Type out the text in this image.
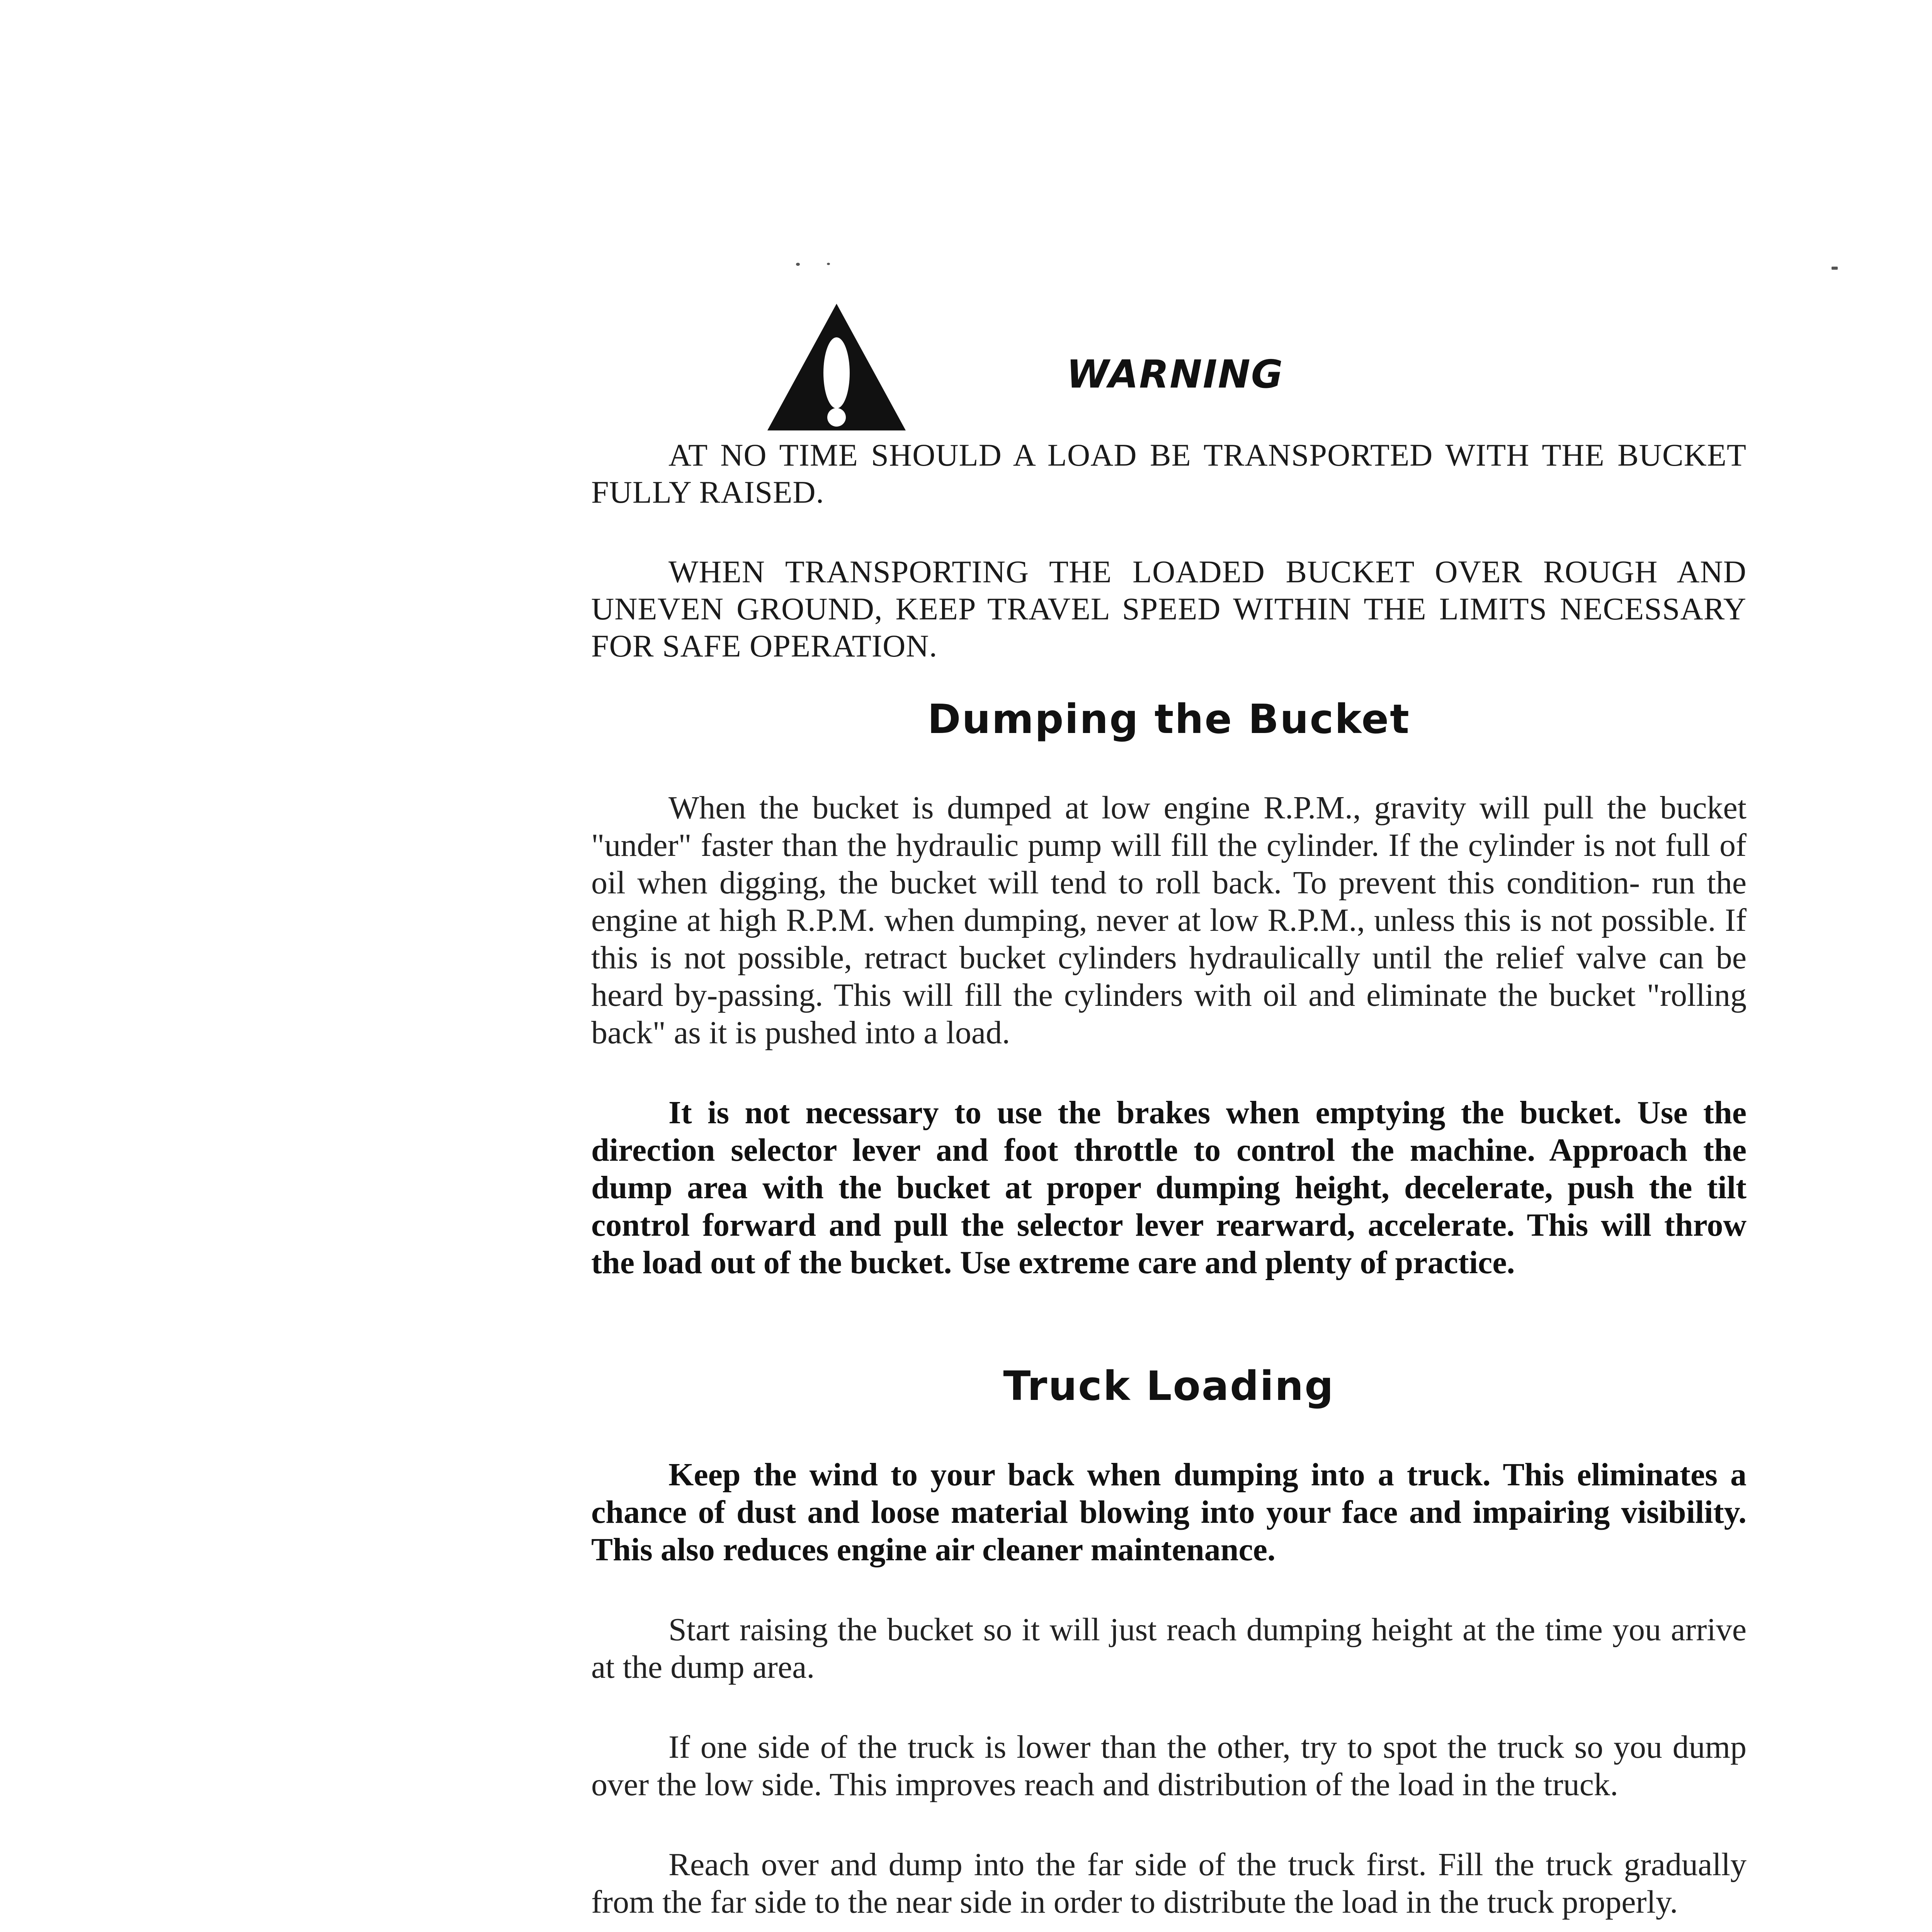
WARNING

AT NO TIME SHOULD A LOAD BE TRANSPORTED WITH THE BUCKET FULLY RAISED.

WHEN TRANSPORTING THE LOADED BUCKET OVER ROUGH AND UNEVEN GROUND, KEEP TRAVEL SPEED WITHIN THE LIMITS NECESSARY FOR SAFE OPERATION.

Dumping the Bucket

When the bucket is dumped at low engine R.P.M., gravity will pull the bucket "under" faster than the hydraulic pump will fill the cylinder. If the cylinder is not full of oil when digging, the bucket will tend to roll back. To prevent this condition- run the engine at high R.P.M. when dumping, never at low R.P.M., unless this is not possible. If this is not possible, retract bucket cylinders hydraulically until the relief valve can be heard by-passing. This will fill the cylinders with oil and eliminate the bucket "rolling back" as it is pushed into a load.

It is not necessary to use the brakes when emptying the bucket. Use the direction selector lever and foot throttle to control the machine. Approach the dump area with the bucket at proper dumping height, decelerate, push the tilt control forward and pull the selector lever rearward, accelerate. This will throw the load out of the bucket. Use extreme care and plenty of practice.

Truck Loading

Keep the wind to your back when dumping into a truck. This eliminates a chance of dust and loose material blowing into your face and impairing visibility. This also reduces engine air cleaner maintenance.

Start raising the bucket so it will just reach dumping height at the time you arrive at the dump area.

If one side of the truck is lower than the other, try to spot the truck so you dump over the low side. This improves reach and distribution of the load in the truck.

Reach over and dump into the far side of the truck first. Fill the truck gradually from the far side to the near side in order to distribute the load in the truck properly.
